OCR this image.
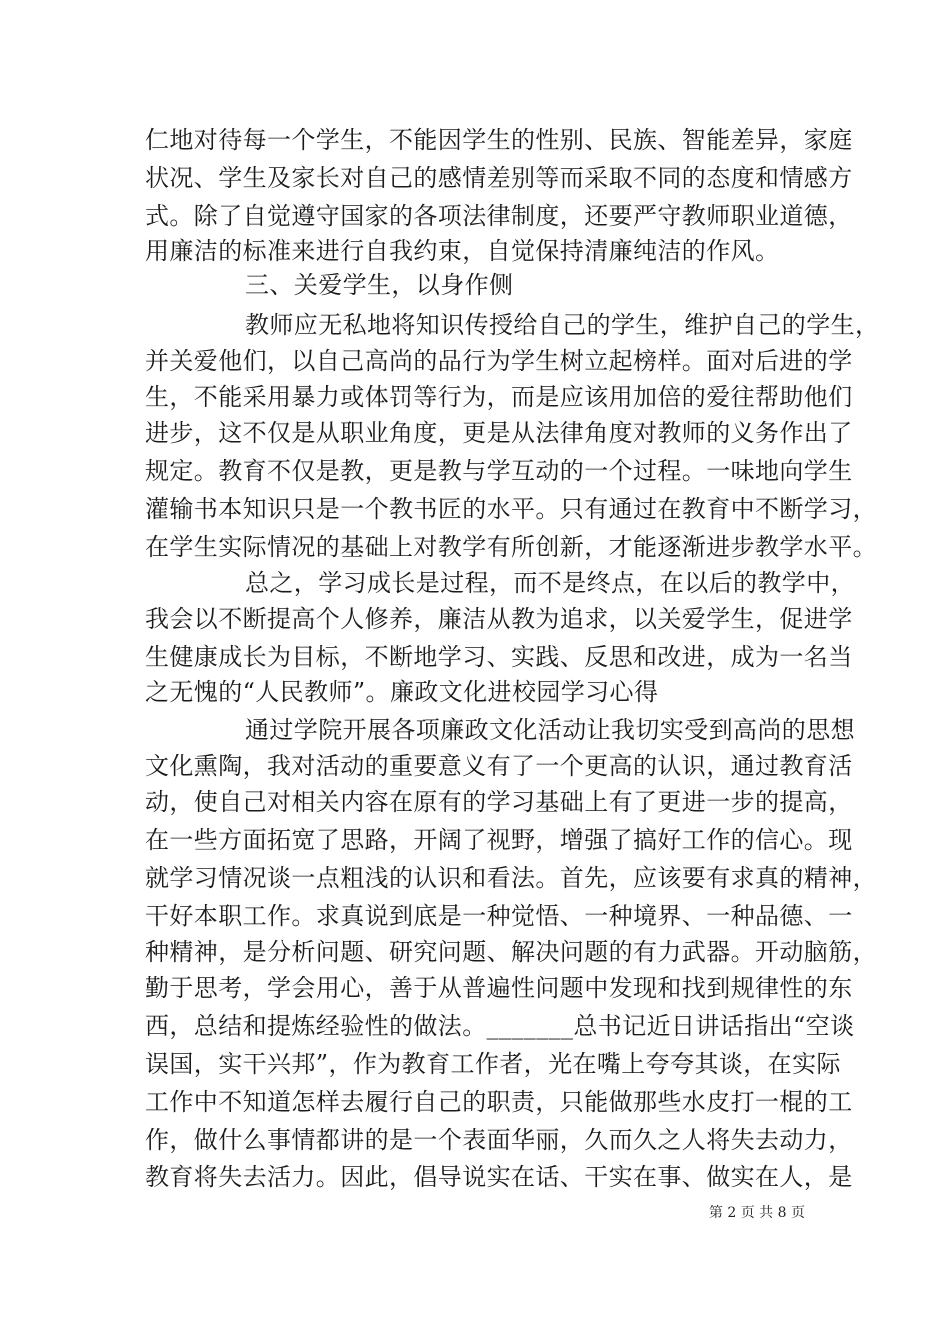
仁地对待每一个学生，不能因学生的性别、民族、智能差异，家庭
状况、学生及家长对自己的感情差别等而采取不同的态度和情感方
式。除了自觉遵守国家的各项法律制度，还要严守教师职业道德，
用廉洁的标准来进行自我约束，自觉保持清廉纯洁的作风。
三、关爱学生，以身作侧
教师应无私地将知识传授给自己的学生，维护自己的学生，
并关爱他们，以自己高尚的品行为学生树立起榜样。面对后进的学
生，不能采用暴力或体罚等行为，而是应该用加倍的爱往帮助他们
进步，这不仅是从职业角度，更是从法律角度对教师的义务作出了
规定。教育不仅是教，更是教与学互动的一个过程。一味地向学生
灌输书本知识只是一个教书匠的水平。只有通过在教育中不断学习，
在学生实际情况的基础上对教学有所创新，才能逐渐进步教学水平。
总之，学习成长是过程，而不是终点，在以后的教学中，
我会以不断提高个人修养，廉洁从教为追求，以关爱学生，促进学
生健康成长为目标，不断地学习、实践、反思和改进，成为一名当
之无愧的“人民教师”。廉政文化进校园学习心得
通过学院开展各项廉政文化活动让我切实受到高尚的思想
文化熏陶，我对活动的重要意义有了一个更高的认识，通过教育活
动，使自己对相关内容在原有的学习基础上有了更进一步的提高，
在一些方面拓宽了思路，开阔了视野，增强了搞好工作的信心。现
就学习情况谈一点粗浅的认识和看法。首先，应该要有求真的精神，
干好本职工作。求真说到底是一种觉悟、一种境界、一种品德、一
种精神，是分析问题、研究问题、解决问题的有力武器。开动脑筋，
勤于思考，学会用心，善于从普遍性问题中发现和找到规律性的东
西，总结和提炼经验性的做法。_______总书记近日讲话指出“空谈
误国，实干兴邦”，作为教育工作者，光在嘴上夸夸其谈，在实际
工作中不知道怎样去履行自己的职责，只能做那些水皮打一棍的工
作，做什么事情都讲的是一个表面华丽，久而久之人将失去动力，
教育将失去活力。因此，倡导说实在话、干实在事、做实在人，是
第 2 页 共 8 页
